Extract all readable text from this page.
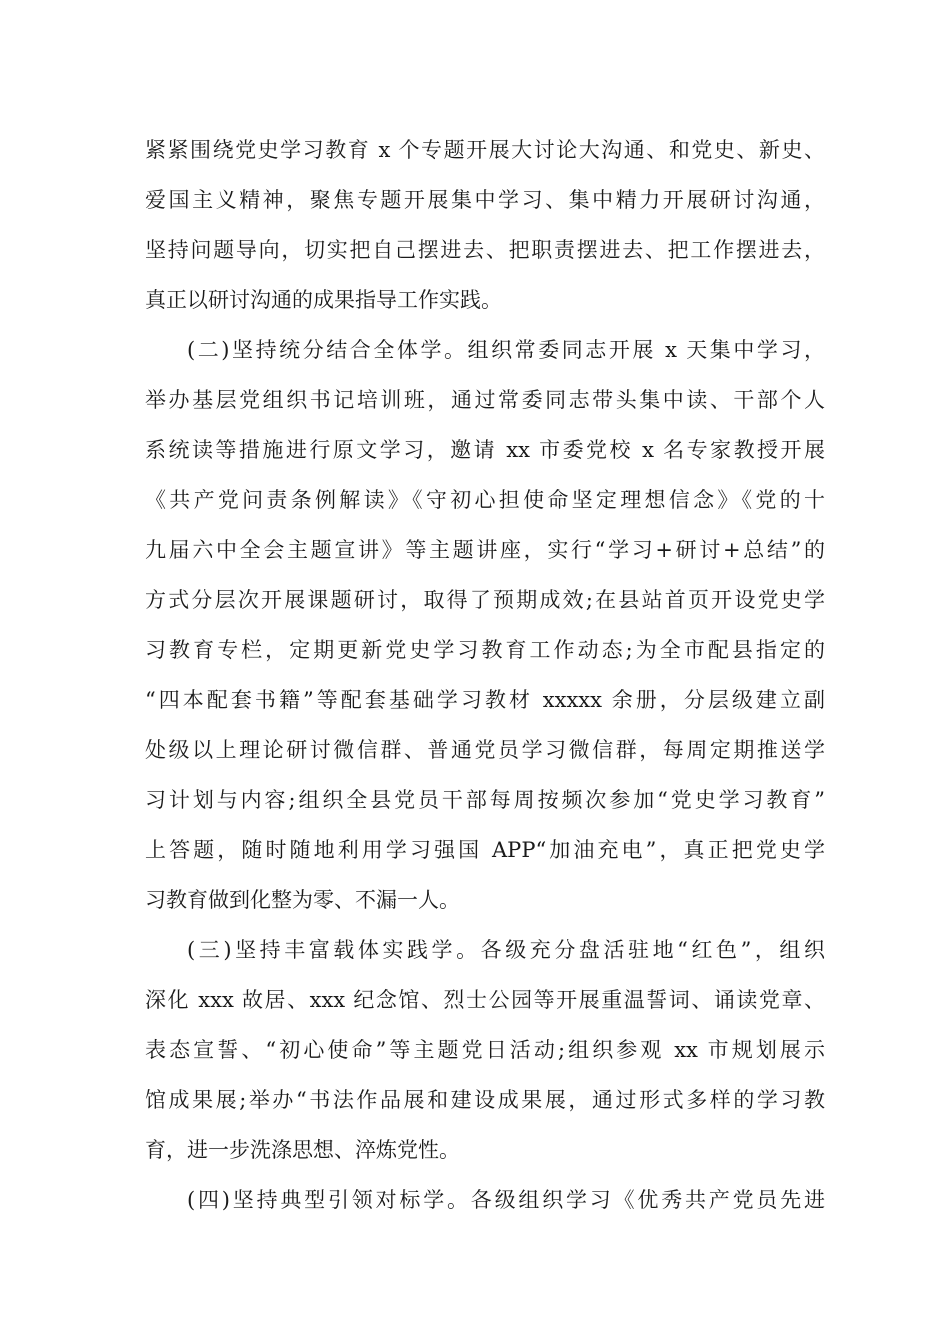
紧紧围绕党史学习教育 x 个专题开展大讨论大沟通、和党史、新史、
爱国主义精神，聚焦专题开展集中学习、集中精力开展研讨沟通，
坚持问题导向，切实把自己摆进去、把职责摆进去、把工作摆进去，
真正以研讨沟通的成果指导工作实践。
(二)坚持统分结合全体学。组织常委同志开展 x 天集中学习，
举办基层党组织书记培训班，通过常委同志带头集中读、干部个人
系统读等措施进行原文学习，邀请 xx 市委党校 x 名专家教授开展
《共产党问责条例解读》《守初心担使命坚定理想信念》《党的十
九届六中全会主题宣讲》等主题讲座，实行“学习+研讨+总结”的
方式分层次开展课题研讨，取得了预期成效;在县站首页开设党史学
习教育专栏，定期更新党史学习教育工作动态;为全市配县指定的
“四本配套书籍”等配套基础学习教材 xxxxx 余册，分层级建立副
处级以上理论研讨微信群、普通党员学习微信群，每周定期推送学
习计划与内容;组织全县党员干部每周按频次参加“党史学习教育”
上答题，随时随地利用学习强国 APP“加油充电”，真正把党史学
习教育做到化整为零、不漏一人。
(三)坚持丰富载体实践学。各级充分盘活驻地“红色”，组织
深化 xxx 故居、xxx 纪念馆、烈士公园等开展重温誓词、诵读党章、
表态宣誓、“初心使命”等主题党日活动;组织参观 xx 市规划展示
馆成果展;举办“书法作品展和建设成果展，通过形式多样的学习教
育，进一步洗涤思想、淬炼党性。
(四)坚持典型引领对标学。各级组织学习《优秀共产党员先进
